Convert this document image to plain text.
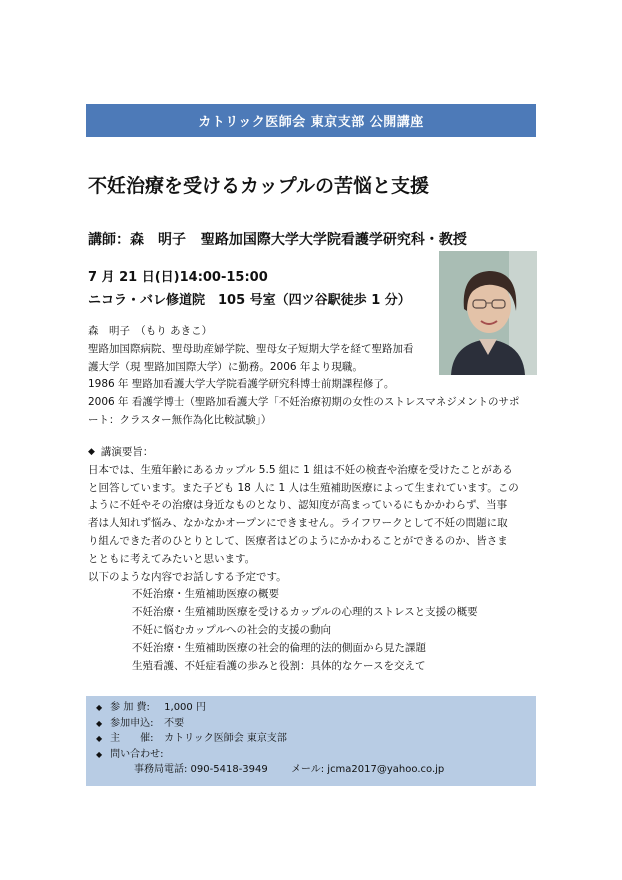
カトリック医師会 東京支部 公開講座
不妊治療を受けるカップルの苦悩と支援
講師：森　明子 聖路加国際大学大学院看護学研究科・教授
7 月 21 日(日)14:00-15:00
ニコラ・バレ修道院　105 号室（四ツ谷駅徒歩 1 分）
森　明子　（もり あきこ）
聖路加国際病院、聖母助産婦学院、聖母女子短期大学を経て聖路加看
護大学（現 聖路加国際大学）に勤務。2006 年より現職。
1986 年 聖路加看護大学大学院看護学研究科博士前期課程修了。
2006 年 看護学博士（聖路加看護大学「不妊治療初期の女性のストレスマネジメントのサポ
ート：クラスター無作為化比較試験」）
◆ 講演要旨：
日本では、生殖年齢にあるカップル 5.5 組に 1 組は不妊の検査や治療を受けたことがある
と回答しています。また子ども 18 人に 1 人は生殖補助医療によって生まれています。この
ように不妊やその治療は身近なものとなり、認知度が高まっているにもかかわらず、当事
者は人知れず悩み、なかなかオープンにできません。ライフワークとして不妊の問題に取
り組んできた者のひとりとして、医療者はどのようにかかわることができるのか、皆さま
とともに考えてみたいと思います。
以下のような内容でお話しする予定です。
不妊治療・生殖補助医療の概要
不妊治療・生殖補助医療を受けるカップルの心理的ストレスと支援の概要
不妊に悩むカップルへの社会的支援の動向
不妊治療・生殖補助医療の社会的倫理的法的側面から見た課題
生殖看護、不妊症看護の歩みと役割：具体的なケースを交えて
◆ 参 加 費:	1,000 円
◆ 参加申込:	不要
◆ 主　　催:	カトリック医師会 東京支部
◆ 問い合わせ:
事務局電話: 090-5418-3949 メール: jcma2017@yahoo.co.jp
